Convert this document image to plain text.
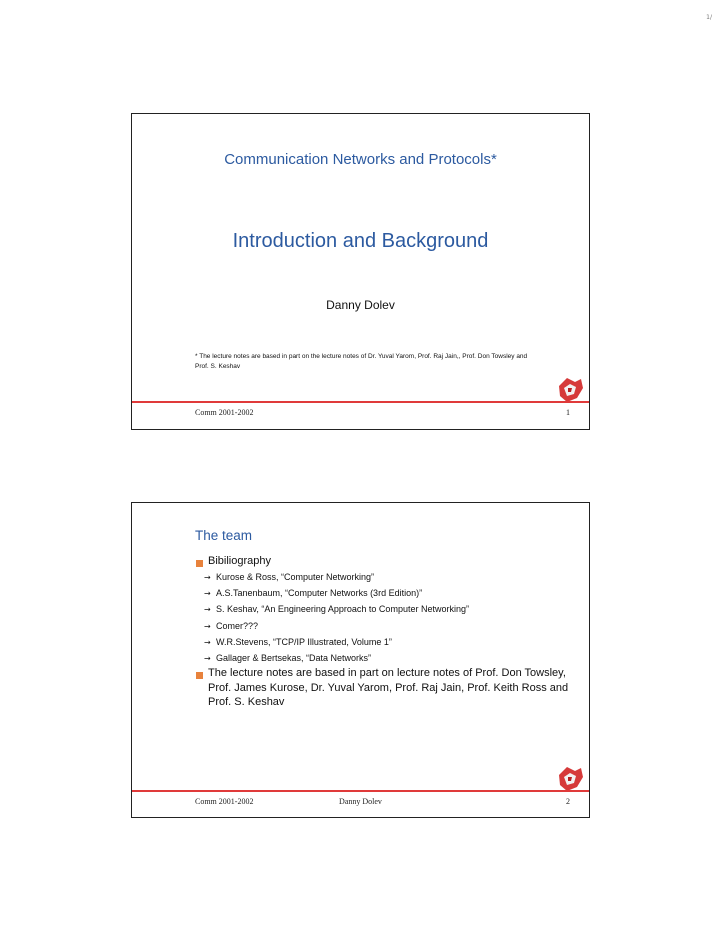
1/
Communication Networks and Protocols*
Introduction and Background
Danny Dolev
* The lecture notes are based in part on the lecture notes of Dr. Yuval Yarom, Prof. Raj Jain,, Prof. Don Towsley and Prof. S. Keshav
Comm 2001-2002	1
The team
Bibiliography
→ Kurose & Ross, “Computer Networking”
→ A.S.Tanenbaum, “Computer Networks (3rd Edition)”
→ S. Keshav, “An Engineering Approach to Computer Networking”
→ Comer???
→ W.R.Stevens, “TCP/IP Illustrated, Volume 1”
→ Gallager & Bertsekas, “Data Networks”
The lecture notes are based in part on lecture notes of Prof. Don Towsley, Prof. James Kurose, Dr. Yuval Yarom, Prof. Raj Jain, Prof. Keith Ross and Prof. S. Keshav
Comm 2001-2002	Danny Dolev	2
